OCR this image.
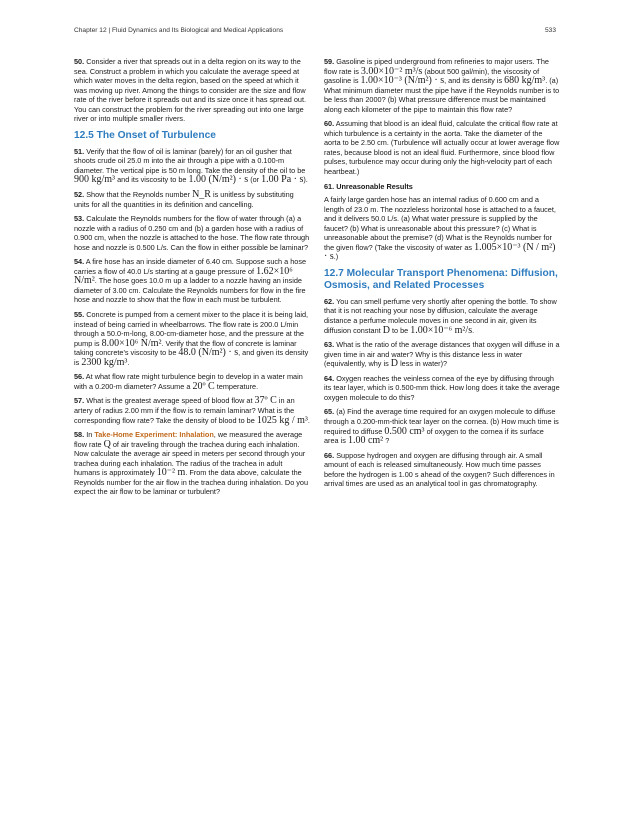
Chapter 12 | Fluid Dynamics and Its Biological and Medical Applications	533

50. Consider a river that spreads out in a delta region on its way to the sea. Construct a problem in which you calculate the average speed at which water moves in the delta region, based on the speed at which it was moving up river. Among the things to consider are the size and flow rate of the river before it spreads out and its size once it has spread out. You can construct the problem for the river spreading out into one large river or into multiple smaller rivers.

12.5 The Onset of Turbulence

51. Verify that the flow of oil is laminar (barely) for an oil gusher that shoots crude oil 25.0 m into the air through a pipe with a 0.100-m diameter. The vertical pipe is 50 m long. Take the density of the oil to be 900 kg/m³ and its viscosity to be 1.00 (N/m²) · s (or 1.00 Pa · s).

52. Show that the Reynolds number N_R is unitless by substituting units for all the quantities in its definition and cancelling.

53. Calculate the Reynolds numbers for the flow of water through (a) a nozzle with a radius of 0.250 cm and (b) a garden hose with a radius of 0.900 cm, when the nozzle is attached to the hose. The flow rate through hose and nozzle is 0.500 L/s. Can the flow in either possible be laminar?

54. A fire hose has an inside diameter of 6.40 cm. Suppose such a hose carries a flow of 40.0 L/s starting at a gauge pressure of 1.62×10⁶ N/m². The hose goes 10.0 m up a ladder to a nozzle having an inside diameter of 3.00 cm. Calculate the Reynolds numbers for flow in the fire hose and nozzle to show that the flow in each must be turbulent.

55. Concrete is pumped from a cement mixer to the place it is being laid, instead of being carried in wheelbarrows. The flow rate is 200.0 L/min through a 50.0-m-long, 8.00-cm-diameter hose, and the pressure at the pump is 8.00×10⁶ N/m². Verify that the flow of concrete is laminar taking concrete's viscosity to be 48.0 (N/m²) · s, and given its density is 2300 kg/m³.

56. At what flow rate might turbulence begin to develop in a water main with a 0.200-m diameter? Assume a 20º C temperature.

57. What is the greatest average speed of blood flow at 37º C in an artery of radius 2.00 mm if the flow is to remain laminar? What is the corresponding flow rate? Take the density of blood to be 1025 kg / m³.

58. In Take-Home Experiment: Inhalation, we measured the average flow rate Q of air traveling through the trachea during each inhalation. Now calculate the average air speed in meters per second through your trachea during each inhalation. The radius of the trachea in adult humans is approximately 10⁻² m. From the data above, calculate the Reynolds number for the air flow in the trachea during inhalation. Do you expect the air flow to be laminar or turbulent?

59. Gasoline is piped underground from refineries to major users. The flow rate is 3.00×10⁻² m³/s (about 500 gal/min), the viscosity of gasoline is 1.00×10⁻³ (N/m²) · s, and its density is 680 kg/m³. (a) What minimum diameter must the pipe have if the Reynolds number is to be less than 2000? (b) What pressure difference must be maintained along each kilometer of the pipe to maintain this flow rate?

60. Assuming that blood is an ideal fluid, calculate the critical flow rate at which turbulence is a certainty in the aorta. Take the diameter of the aorta to be 2.50 cm. (Turbulence will actually occur at lower average flow rates, because blood is not an ideal fluid. Furthermore, since blood flow pulses, turbulence may occur during only the high-velocity part of each heartbeat.)

61. Unreasonable Results

A fairly large garden hose has an internal radius of 0.600 cm and a length of 23.0 m. The nozzleless horizontal hose is attached to a faucet, and it delivers 50.0 L/s. (a) What water pressure is supplied by the faucet? (b) What is unreasonable about this pressure? (c) What is unreasonable about the premise? (d) What is the Reynolds number for the given flow? (Take the viscosity of water as 1.005×10⁻³ (N / m²) · s.)

12.7 Molecular Transport Phenomena: Diffusion, Osmosis, and Related Processes

62. You can smell perfume very shortly after opening the bottle. To show that it is not reaching your nose by diffusion, calculate the average distance a perfume molecule moves in one second in air, given its diffusion constant D to be 1.00×10⁻⁶ m²/s.

63. What is the ratio of the average distances that oxygen will diffuse in a given time in air and water? Why is this distance less in water (equivalently, why is D less in water)?

64. Oxygen reaches the veinless cornea of the eye by diffusing through its tear layer, which is 0.500-mm thick. How long does it take the average oxygen molecule to do this?

65. (a) Find the average time required for an oxygen molecule to diffuse through a 0.200-mm-thick tear layer on the cornea. (b) How much time is required to diffuse 0.500 cm³ of oxygen to the cornea if its surface area is 1.00 cm² ?

66. Suppose hydrogen and oxygen are diffusing through air. A small amount of each is released simultaneously. How much time passes before the hydrogen is 1.00 s ahead of the oxygen? Such differences in arrival times are used as an analytical tool in gas chromatography.
